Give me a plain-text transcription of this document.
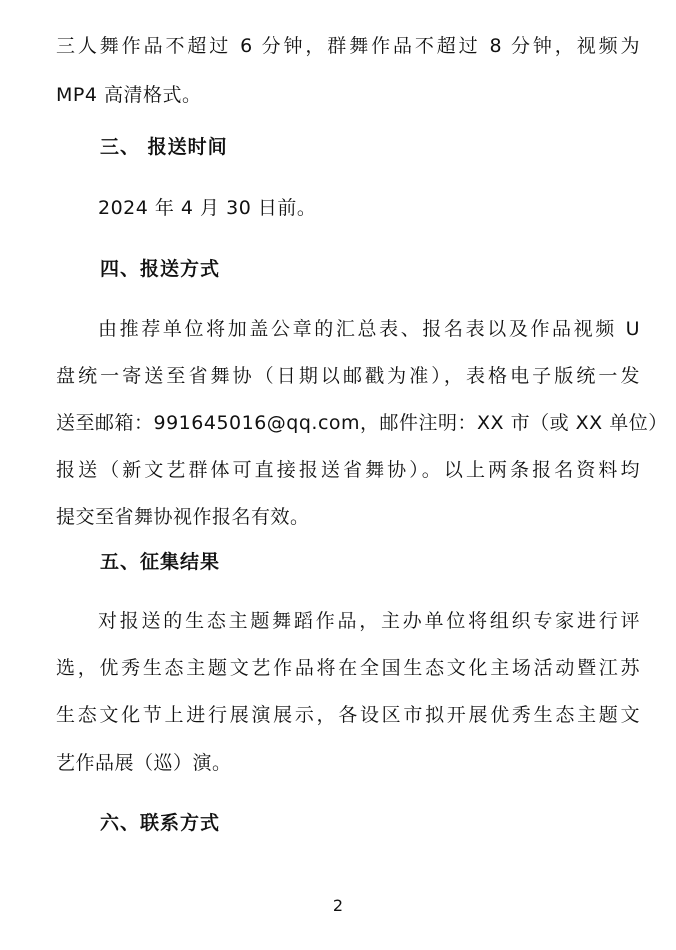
三人舞作品不超过 6 分钟，群舞作品不超过 8 分钟，视频为
MP4 高清格式。
三、 报送时间
2024 年 4 月 30 日前。
四、报送方式
由推荐单位将加盖公章的汇总表、报名表以及作品视频 U
盘统一寄送至省舞协（日期以邮戳为准），表格电子版统一发
送至邮箱：991645016@qq.com，邮件注明：XX 市（或 XX 单位）
报送（新文艺群体可直接报送省舞协）。以上两条报名资料均
提交至省舞协视作报名有效。
五、征集结果
对报送的生态主题舞蹈作品，主办单位将组织专家进行评
选，优秀生态主题文艺作品将在全国生态文化主场活动暨江苏
生态文化节上进行展演展示，各设区市拟开展优秀生态主题文
艺作品展（巡）演。
六、联系方式
2
